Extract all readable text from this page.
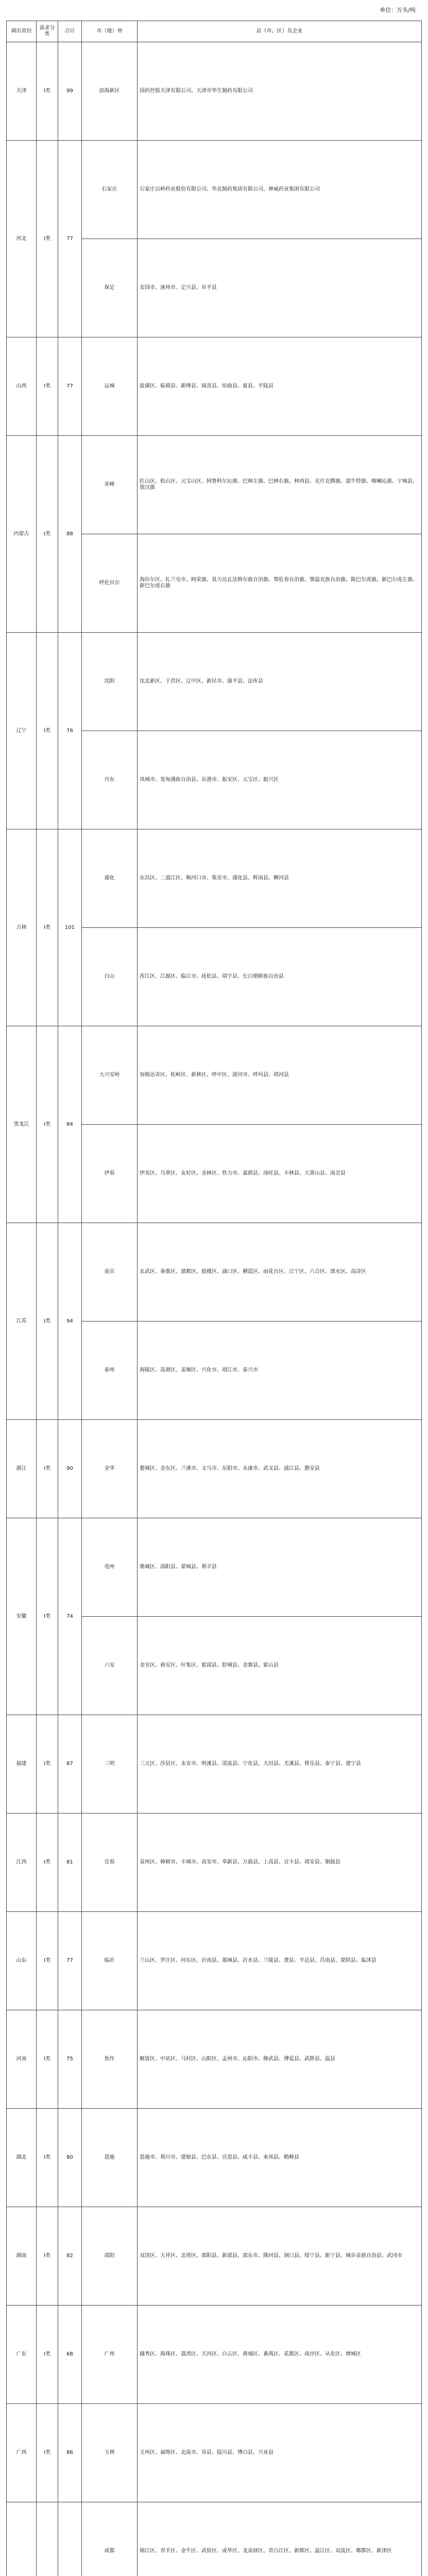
单位：万头/吨
调出省份	需求分类	合计	市（地）州	县（市、区）及企业
天津	I类	99	滨海新区	国药控股天津有限公司、天津市华生制药有限公司
河北	I类	77	石家庄	石家庄以岭药业股份有限公司、华北制药集团有限公司、神威药业集团有限公司
			保定	安国市、涿州市、定兴县、阜平县
山西	I类	77	运城	盐湖区、临猗县、新绛县、闻喜县、垣曲县、夏县、平陆县
内蒙古	I类	88	赤峰	红山区、松山区、元宝山区、阿鲁科尔沁旗、巴林左旗、巴林右旗、林西县、克什克腾旗、翁牛特旗、喀喇沁旗、宁城县、敖汉旗
			呼伦贝尔	海拉尔区、扎兰屯市、阿荣旗、莫力达瓦达斡尔族自治旗、鄂伦春自治旗、鄂温克族自治旗、陈巴尔虎旗、新巴尔虎左旗、新巴尔虎右旗
辽宁	I类	76	沈阳	沈北新区、于洪区、辽中区、新民市、康平县、法库县
			丹东	凤城市、宽甸满族自治县、东港市、振安区、元宝区、振兴区
吉林	I类	101	通化	东昌区、二道江区、梅河口市、集安市、通化县、辉南县、柳河县
			白山	浑江区、江源区、临江市、抚松县、靖宇县、长白朝鲜族自治县
黑龙江	I类	84	大兴安岭	加格达奇区、松岭区、新林区、呼中区、漠河市、呼玛县、塔河县
			伊春	伊美区、乌翠区、友好区、金林区、铁力市、嘉荫县、汤旺县、丰林县、大箐山县、南岔县
江苏	I类	94	南京	玄武区、秦淮区、建邺区、鼓楼区、浦口区、栖霞区、雨花台区、江宁区、六合区、溧水区、高淳区
			泰州	海陵区、高港区、姜堰区、兴化市、靖江市、泰兴市
浙江	I类	90	金华	婺城区、金东区、兰溪市、义乌市、东阳市、永康市、武义县、浦江县、磐安县
安徽	I类	74	亳州	谯城区、涡阳县、蒙城县、利辛县
			六安	金安区、裕安区、叶集区、霍邱县、舒城县、金寨县、霍山县
福建	I类	87	三明	三元区、沙县区、永安市、明溪县、清流县、宁化县、大田县、尤溪县、将乐县、泰宁县、建宁县
江西	I类	81	宜春	袁州区、樟树市、丰城市、高安市、奉新县、万载县、上高县、宜丰县、靖安县、铜鼓县
山东	I类	77	临沂	兰山区、罗庄区、河东区、沂南县、郯城县、沂水县、兰陵县、费县、平邑县、莒南县、蒙阴县、临沭县
河南	I类	75	焦作	解放区、中站区、马村区、山阳区、孟州市、沁阳市、修武县、博爱县、武陟县、温县
湖北	I类	80	恩施	恩施市、利川市、建始县、巴东县、宣恩县、咸丰县、来凤县、鹤峰县
湖南	I类	82	邵阳	双清区、大祥区、北塔区、邵阳县、新邵县、邵东市、隆回县、洞口县、绥宁县、新宁县、城步苗族自治县、武冈市
广东	I类	68	广州	越秀区、海珠区、荔湾区、天河区、白云区、黄埔区、番禺区、花都区、南沙区、从化区、增城区
广西	I类	86	玉林	玉州区、福绵区、北流市、容县、陆川县、博白县、兴业县
			成都	锦江区、青羊区、金牛区、武侯区、成华区、龙泉驿区、青白江区、新都区、温江区、双流区、郫都区、新津区
